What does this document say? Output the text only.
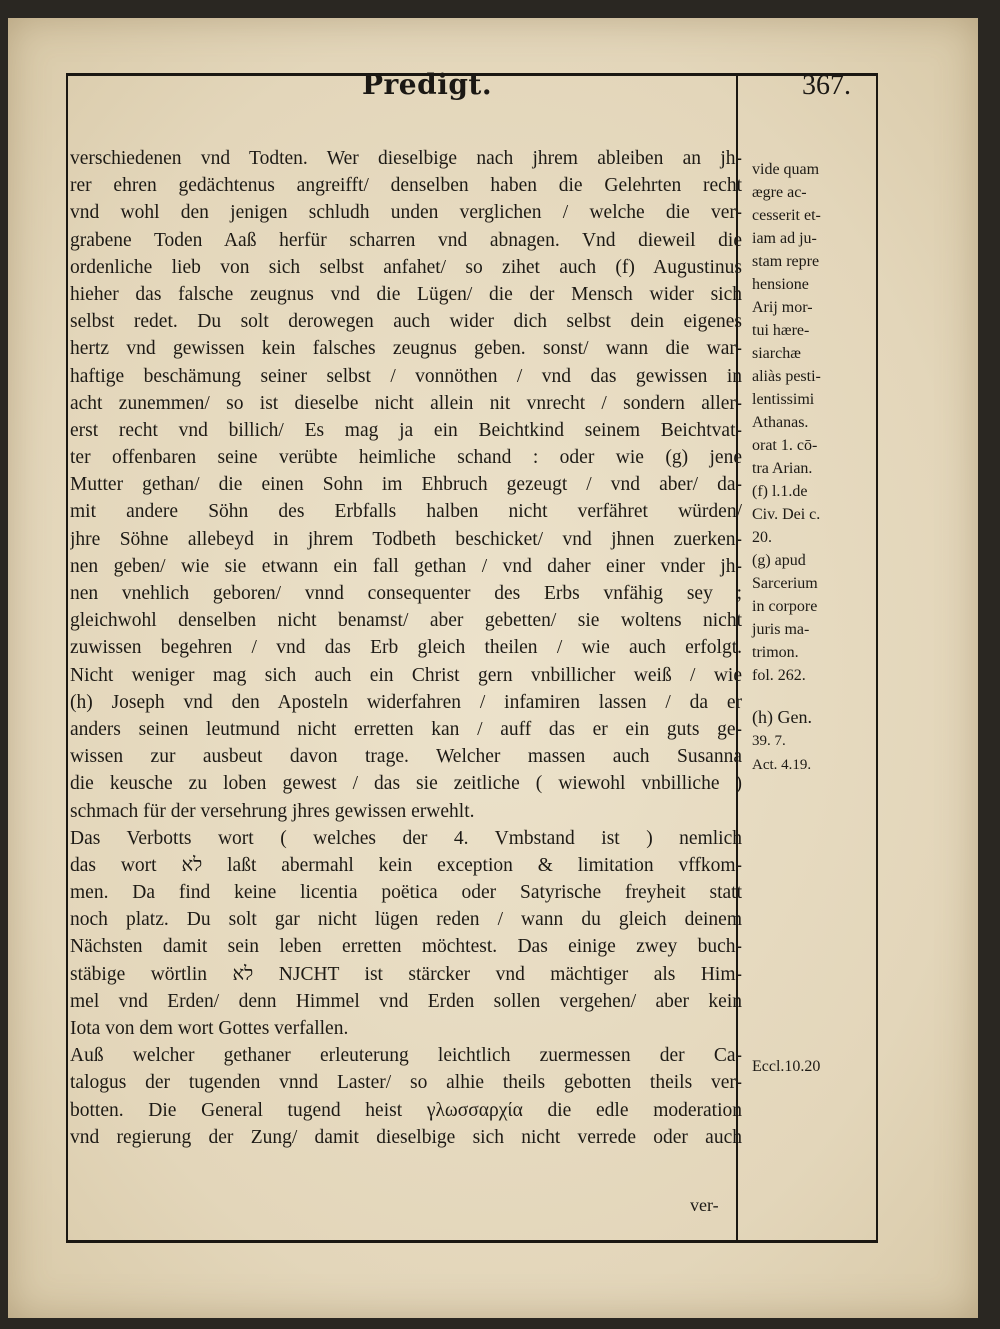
Predigt.	367.
verschiedenen vnd Todten. Wer dieselbige nach jhrem ableiben an jh-
rer ehren gedächtenus angreifft/ denselben haben die Gelehrten recht
vnd wohl den jenigen schludh unden verglichen / welche die ver-
grabene Toden Aaß herfür scharren vnd abnagen. Vnd dieweil die
ordenliche lieb von sich selbst anfahet/ so zihet auch (f) Augustinus
hieher das falsche zeugnus vnd die Lügen/ die der Mensch wider sich
selbst redet. Du solt derowegen auch wider dich selbst dein eigenes
hertz vnd gewissen kein falsches zeugnus geben. sonst/ wann die war-
haftige beschämung seiner selbst / vonnöthen / vnd das gewissen in
acht zunemmen/ so ist dieselbe nicht allein nit vnrecht / sondern aller-
erst recht vnd billich/ Es mag ja ein Beichtkind seinem Beichtvat-
ter offenbaren seine verübte heimliche schand : oder wie (g) jene
Mutter gethan/ die einen Sohn im Ehbruch gezeugt / vnd aber/ da-
mit andere Söhn des Erbfalls halben nicht verfähret würden/
jhre Söhne allebeyd in jhrem Todbeth beschicket/ vnd jhnen zuerken-
nen geben/ wie sie etwann ein fall gethan / vnd daher einer vnder jh-
nen vnehlich geboren/ vnnd consequenter des Erbs vnfähig sey ;
gleichwohl denselben nicht benamst/ aber gebetten/ sie woltens nicht
zuwissen begehren / vnd das Erb gleich theilen / wie auch erfolgt.
Nicht weniger mag sich auch ein Christ gern vnbillicher weiß / wie
(h) Joseph vnd den Aposteln widerfahren / infamiren lassen / da er
anders seinen leutmund nicht erretten kan / auff das er ein guts ge-
wissen zur ausbeut davon trage. Welcher massen auch Susanna
die keusche zu loben gewest / das sie zeitliche ( wiewohl vnbilliche )
schmach für der versehrung jhres gewissen erwehlt.
Das Verbotts wort ( welches der 4. Vmbstand ist ) nemlich
das wort לא laßt abermahl kein exception & limitation vffkom-
men. Da find keine licentia poëtica oder Satyrische freyheit statt
noch platz. Du solt gar nicht lügen reden / wann du gleich deinem
Nächsten damit sein leben erretten möchtest. Das einige zwey buch-
stäbige wörtlin לא NJCHT ist stärcker vnd mächtiger als Him-
mel vnd Erden/ denn Himmel vnd Erden sollen vergehen/ aber kein
Iota von dem wort Gottes verfallen.
Auß welcher gethaner erleuterung leichtlich zuermessen der Ca-
talogus der tugenden vnnd Laster/ so alhie theils gebotten theils ver-
botten. Die General tugend heist γλωσσαρχία die edle moderation
vnd regierung der Zung/ damit dieselbige sich nicht verrede oder auch
vide quam
ægre ac-
cesserit et-
iam ad ju-
stam repre
hensione
Arij mor-
tui hære-
siarchæ
aliàs pesti-
lentissimi
Athanas.
orat 1. cō-
tra Arian.
(f) l.1.de
Civ. Dei c.
20.
(g) apud
Sarcerium
in corpore
juris ma-
trimon.
fol. 262.
(h) Gen.
39. 7.
Act. 4.19.
Eccl.10.20
ver-
